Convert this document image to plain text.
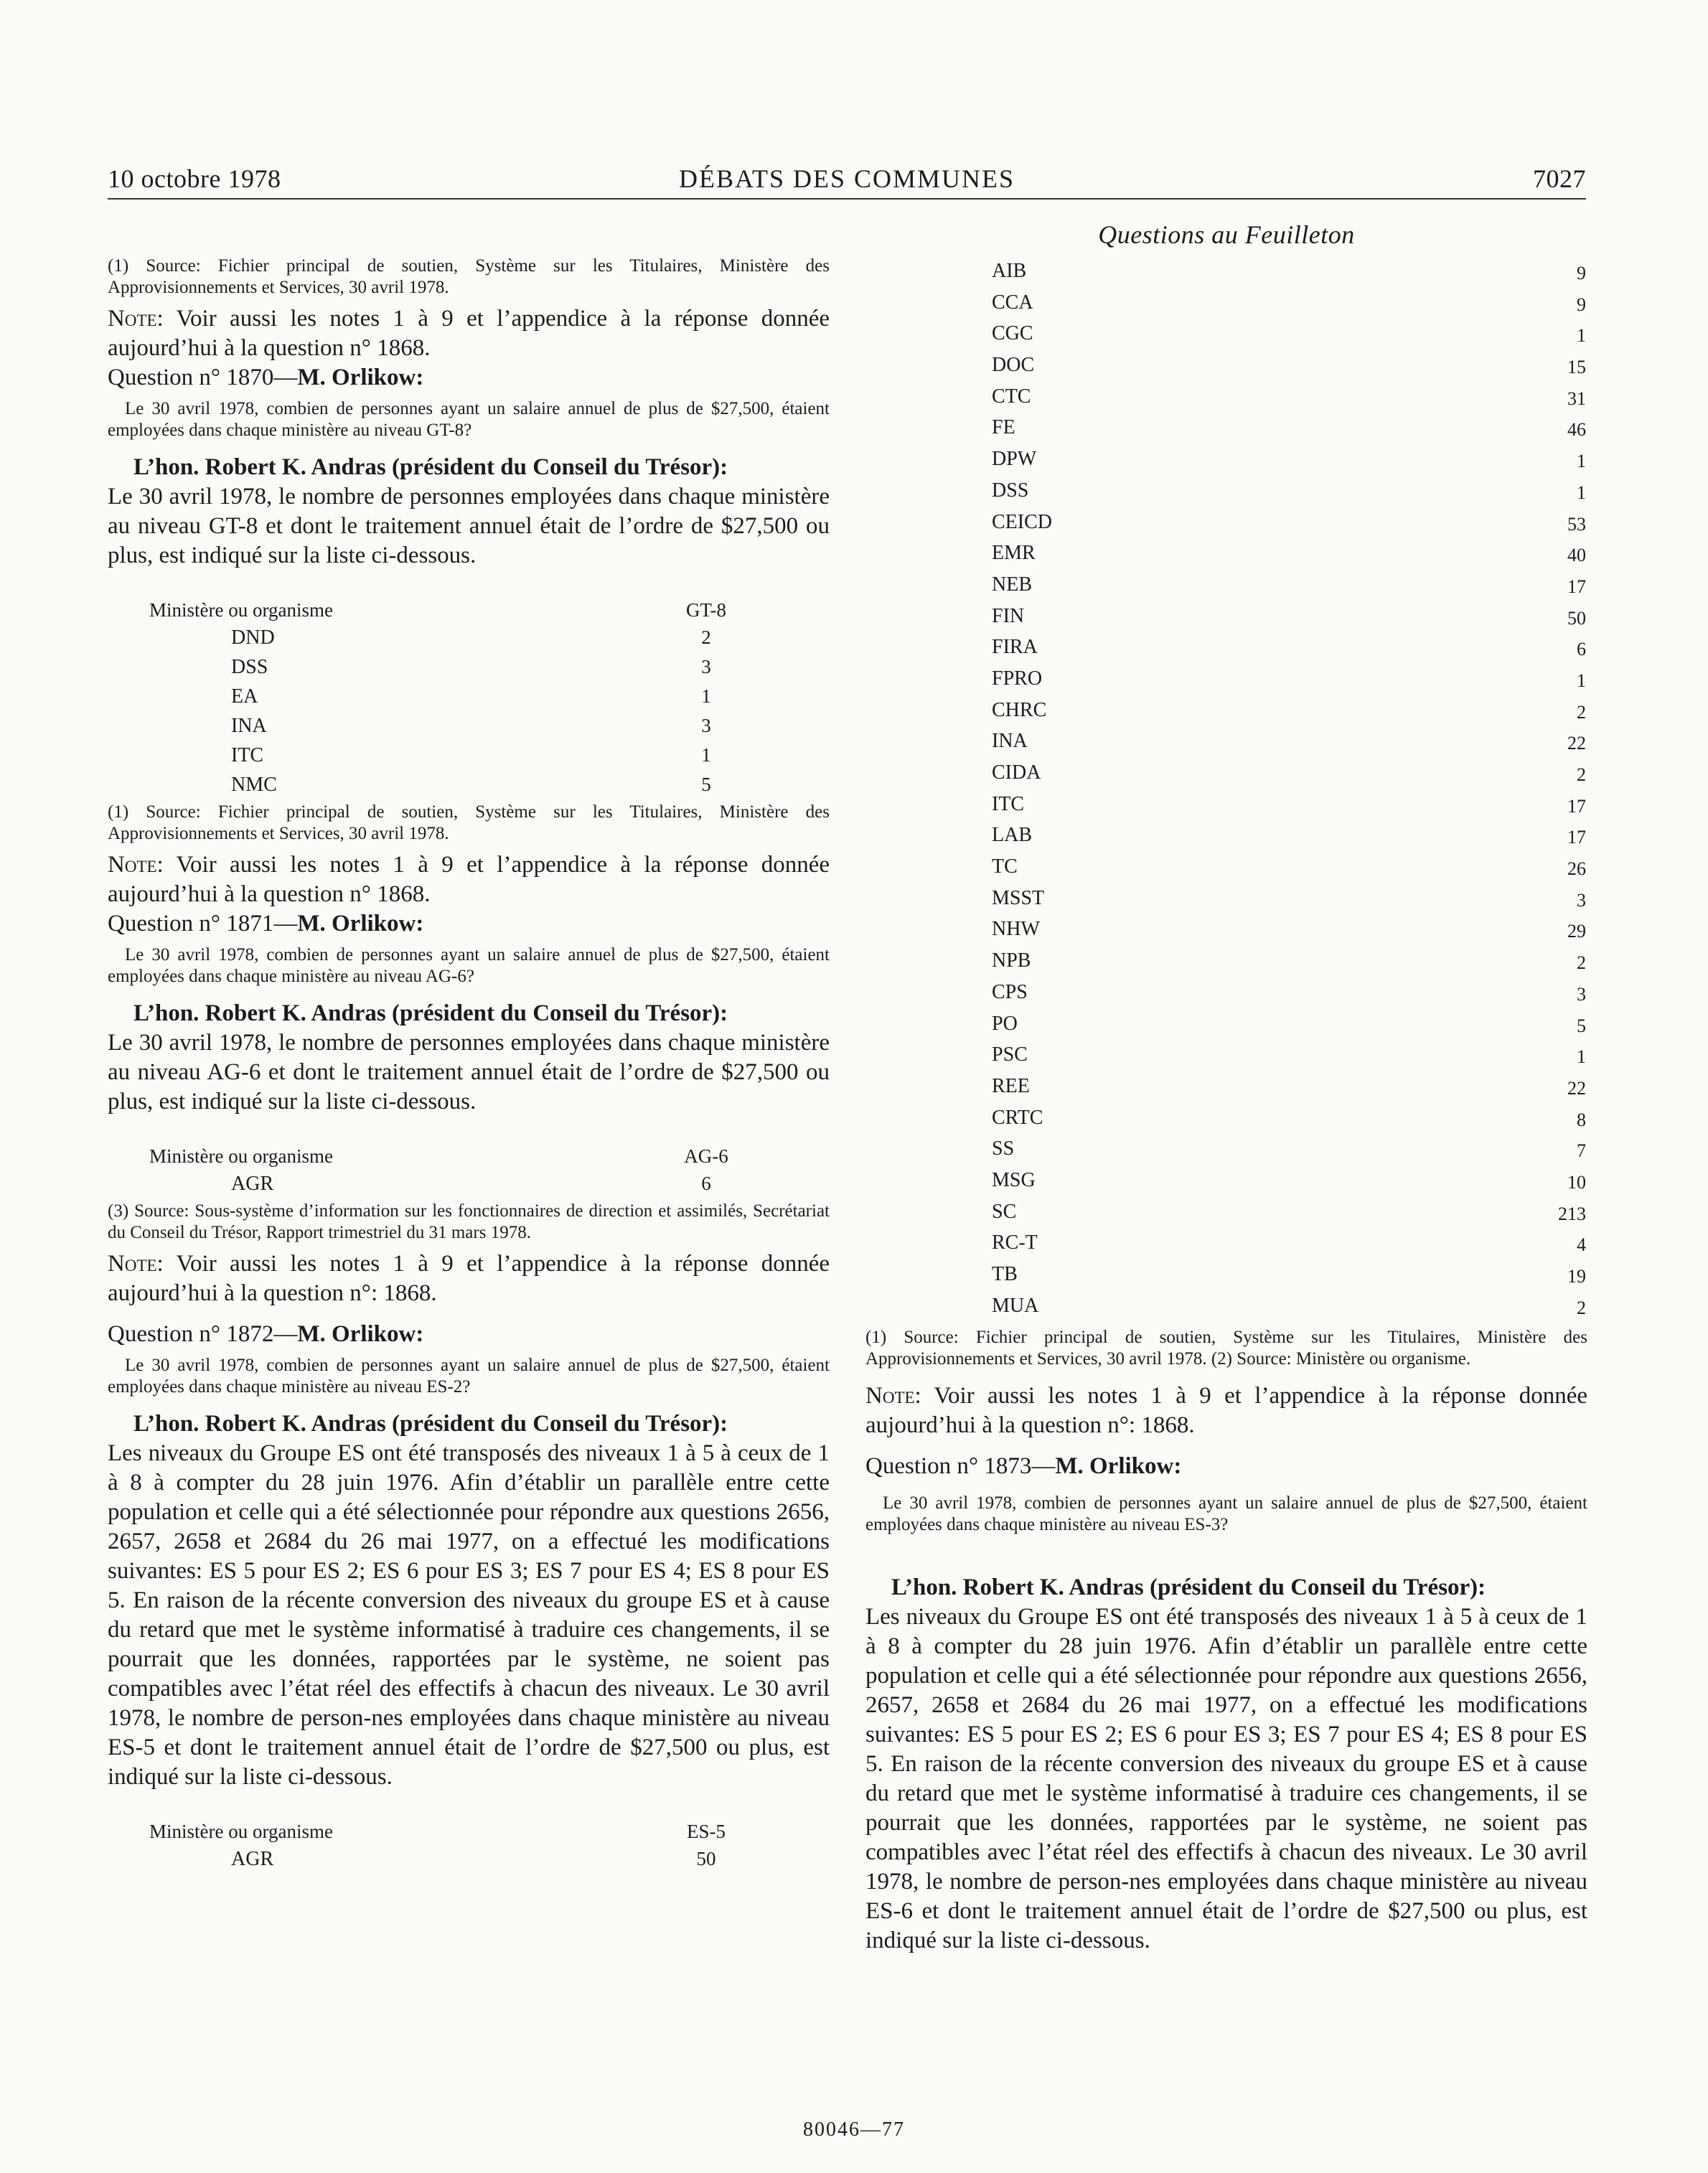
10 octobre 1978	DÉBATS DES COMMUNES	7027

(1) Source: Fichier principal de soutien, Système sur les Titulaires, Ministère des Approvisionnements et Services, 30 avril 1978.

Note: Voir aussi les notes 1 à 9 et l’appendice à la réponse donnée aujourd’hui à la question n° 1868.

Question n° 1870—M. Orlikow:

Le 30 avril 1978, combien de personnes ayant un salaire annuel de plus de $27,500, étaient employées dans chaque ministère au niveau GT-8?

L’hon. Robert K. Andras (président du Conseil du Trésor):

Le 30 avril 1978, le nombre de personnes employées dans chaque ministère au niveau GT-8 et dont le traitement annuel était de l’ordre de $27,500 ou plus, est indiqué sur la liste ci-dessous.

Ministère ou organisme	GT-8
DND	2
DSS	3
EA	1
INA	3
ITC	1
NMC	5

(1) Source: Fichier principal de soutien, Système sur les Titulaires, Ministère des Approvisionnements et Services, 30 avril 1978.

Note: Voir aussi les notes 1 à 9 et l’appendice à la réponse donnée aujourd’hui à la question n° 1868.

Question n° 1871—M. Orlikow:

Le 30 avril 1978, combien de personnes ayant un salaire annuel de plus de $27,500, étaient employées dans chaque ministère au niveau AG-6?

L’hon. Robert K. Andras (président du Conseil du Trésor):

Le 30 avril 1978, le nombre de personnes employées dans chaque ministère au niveau AG-6 et dont le traitement annuel était de l’ordre de $27,500 ou plus, est indiqué sur la liste ci-dessous.

Ministère ou organisme	AG-6
AGR	6

(3) Source: Sous-système d’information sur les fonctionnaires de direction et assimilés, Secrétariat du Conseil du Trésor, Rapport trimestriel du 31 mars 1978.

Note: Voir aussi les notes 1 à 9 et l’appendice à la réponse donnée aujourd’hui à la question n°: 1868.

Question n° 1872—M. Orlikow:

Le 30 avril 1978, combien de personnes ayant un salaire annuel de plus de $27,500, étaient employées dans chaque ministère au niveau ES-2?

L’hon. Robert K. Andras (président du Conseil du Trésor):

Les niveaux du Groupe ES ont été transposés des niveaux 1 à 5 à ceux de 1 à 8 à compter du 28 juin 1976. Afin d’établir un parallèle entre cette population et celle qui a été sélectionnée pour répondre aux questions 2656, 2657, 2658 et 2684 du 26 mai 1977, on a effectué les modifications suivantes: ES 5 pour ES 2; ES 6 pour ES 3; ES 7 pour ES 4; ES 8 pour ES 5. En raison de la récente conversion des niveaux du groupe ES et à cause du retard que met le système informatisé à traduire ces changements, il se pourrait que les données, rapportées par le système, ne soient pas compatibles avec l’état réel des effectifs à chacun des niveaux. Le 30 avril 1978, le nombre de person-nes employées dans chaque ministère au niveau ES-5 et dont le traitement annuel était de l’ordre de $27,500 ou plus, est indiqué sur la liste ci-dessous.

Ministère ou organisme	ES-5
AGR	50

Questions au Feuilleton

AIB	9
CCA	9
CGC	1
DOC	15
CTC	31
FE	46
DPW	1
DSS	1
CEICD	53
EMR	40
NEB	17
FIN	50
FIRA	6
FPRO	1
CHRC	2
INA	22
CIDA	2
ITC	17
LAB	17
TC	26
MSST	3
NHW	29
NPB	2
CPS	3
PO	5
PSC	1
REE	22
CRTC	8
SS	7
MSG	10
SC	213
RC-T	4
TB	19
MUA	2

(1) Source: Fichier principal de soutien, Système sur les Titulaires, Ministère des Approvisionnements et Services, 30 avril 1978. (2) Source: Ministère ou organisme.

Note: Voir aussi les notes 1 à 9 et l’appendice à la réponse donnée aujourd’hui à la question n°: 1868.

Question n° 1873—M. Orlikow:

Le 30 avril 1978, combien de personnes ayant un salaire annuel de plus de $27,500, étaient employées dans chaque ministère au niveau ES-3?

L’hon. Robert K. Andras (président du Conseil du Trésor):

Les niveaux du Groupe ES ont été transposés des niveaux 1 à 5 à ceux de 1 à 8 à compter du 28 juin 1976. Afin d’établir un parallèle entre cette population et celle qui a été sélectionnée pour répondre aux questions 2656, 2657, 2658 et 2684 du 26 mai 1977, on a effectué les modifications suivantes: ES 5 pour ES 2; ES 6 pour ES 3; ES 7 pour ES 4; ES 8 pour ES 5. En raison de la récente conversion des niveaux du groupe ES et à cause du retard que met le système informatisé à traduire ces changements, il se pourrait que les données, rapportées par le système, ne soient pas compatibles avec l’état réel des effectifs à chacun des niveaux. Le 30 avril 1978, le nombre de person-nes employées dans chaque ministère au niveau ES-6 et dont le traitement annuel était de l’ordre de $27,500 ou plus, est indiqué sur la liste ci-dessous.

80046—77
